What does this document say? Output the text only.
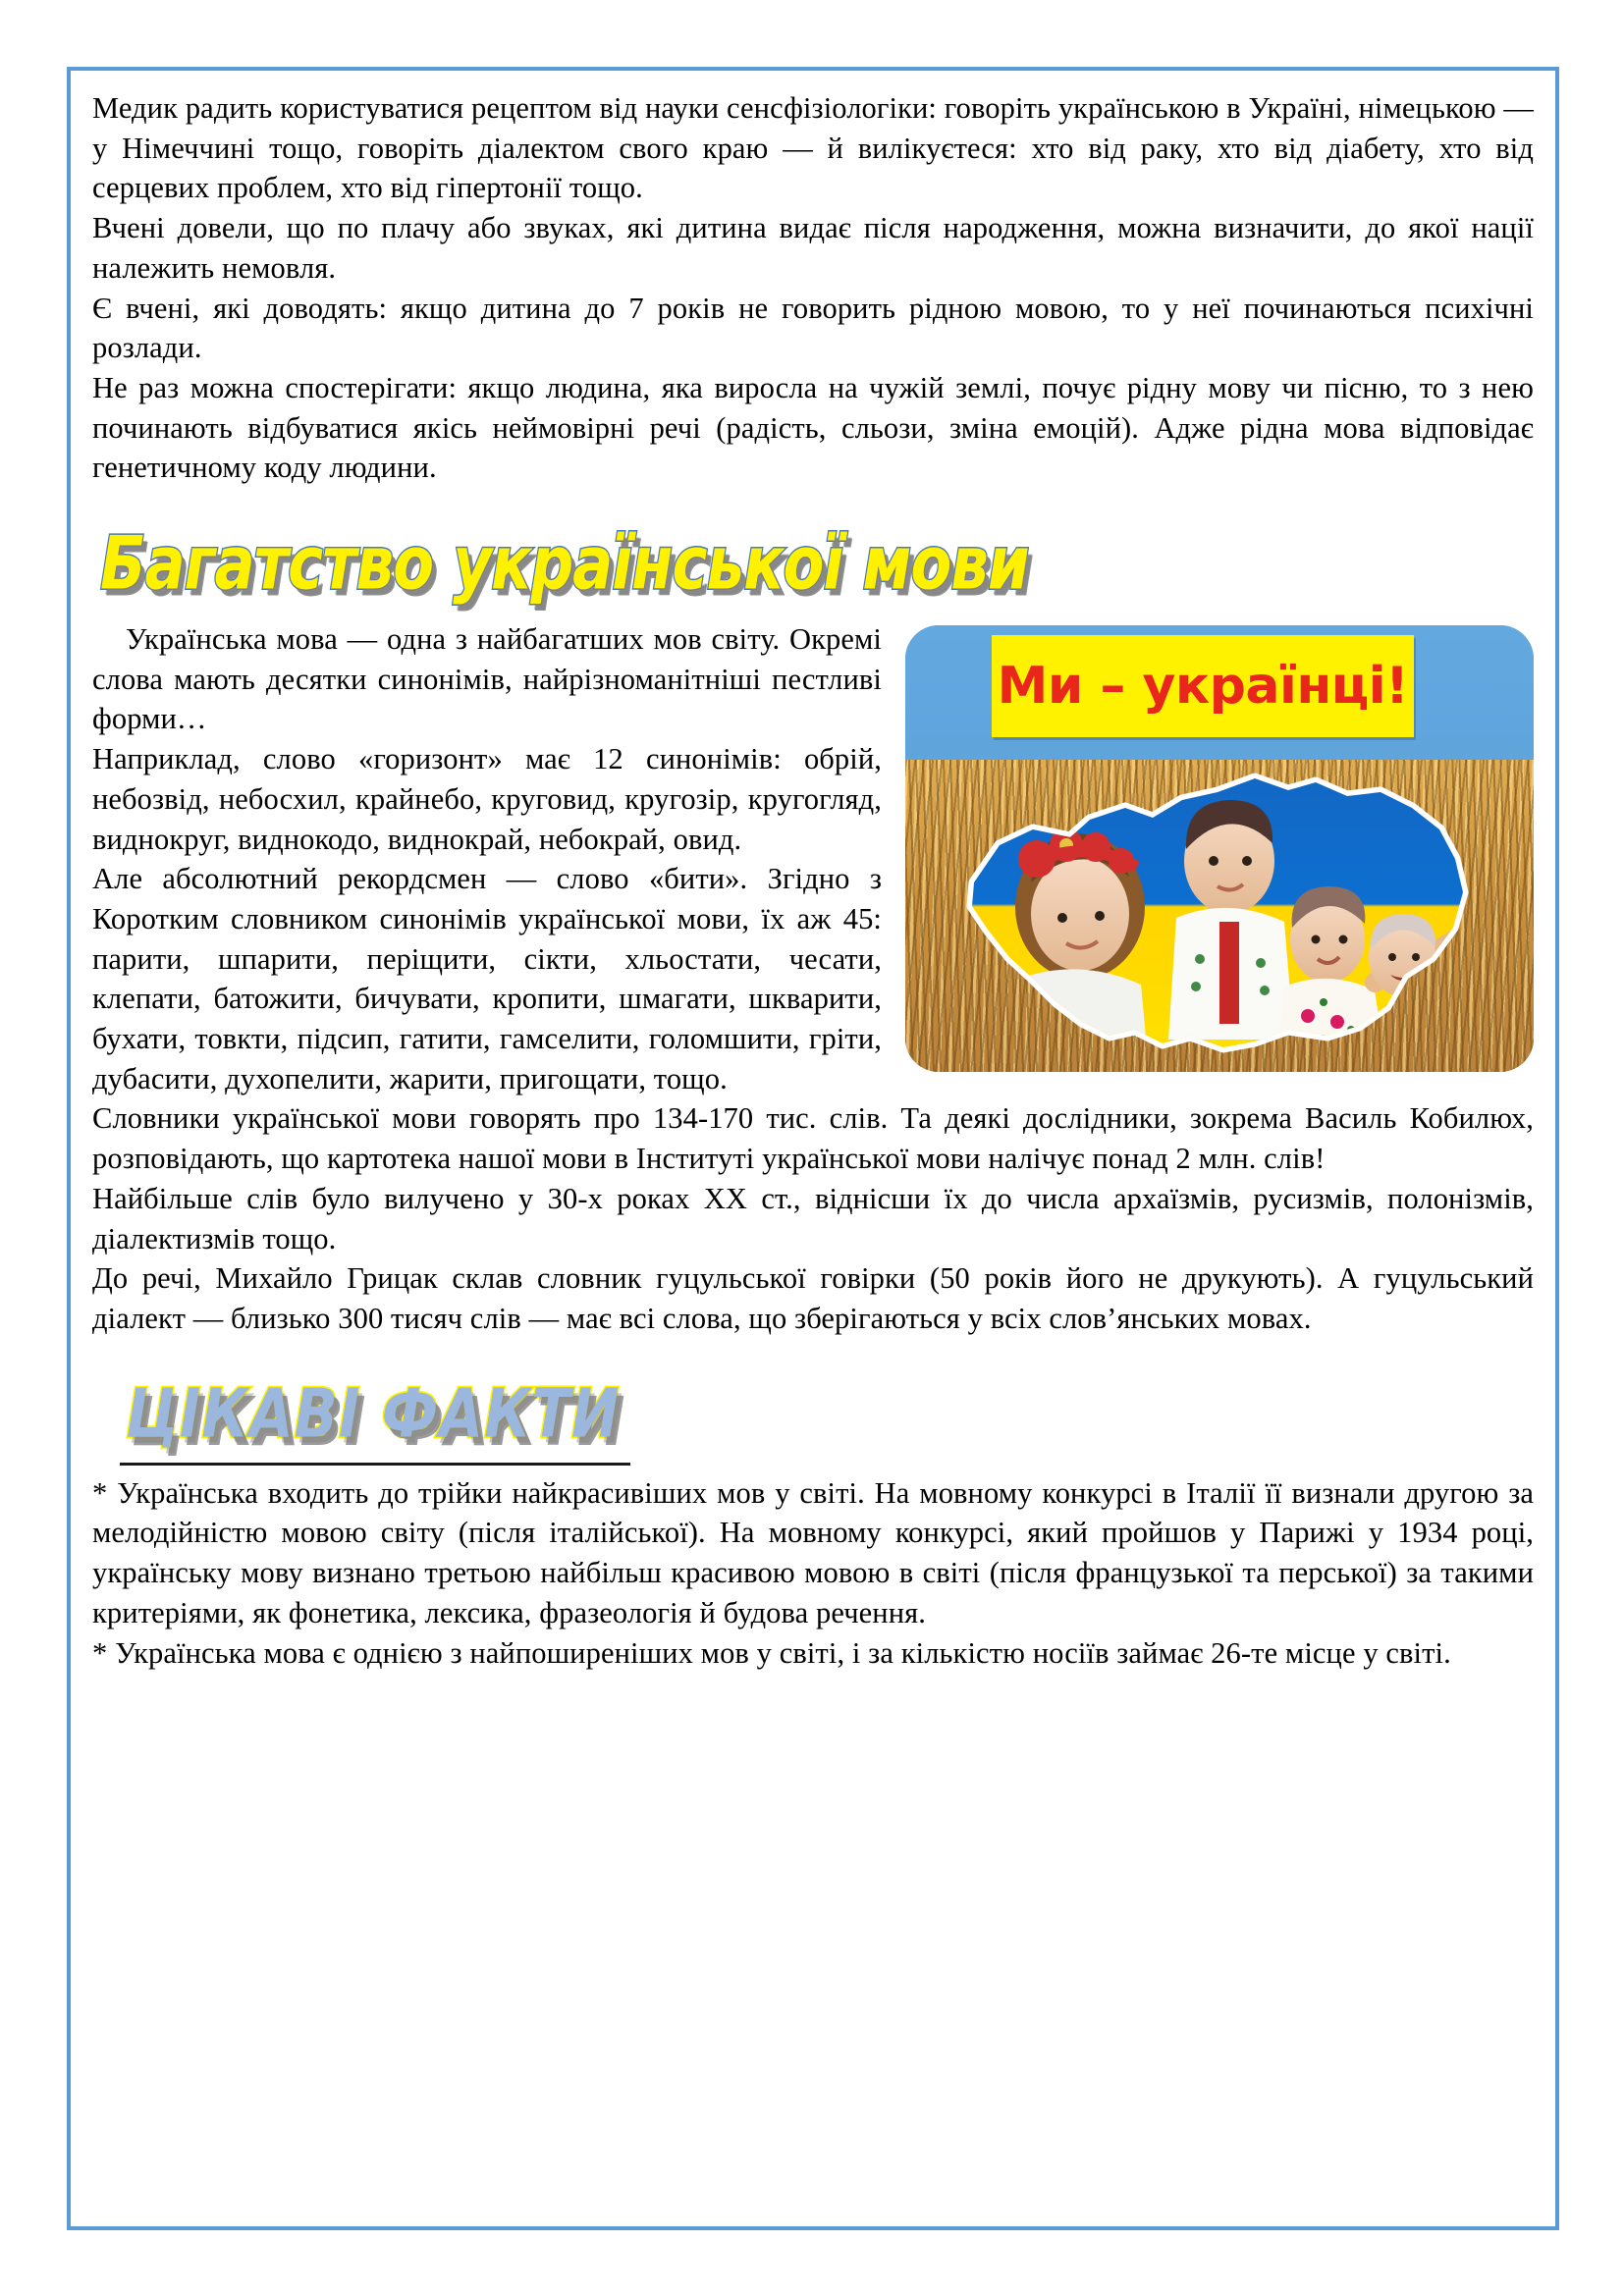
Медик радить користуватися рецептом від науки сенсфізіологіки: говоріть українською в Україні, німецькою — у Німеччині тощо, говоріть діалектом свого краю — й вилікуєтеся: хто від раку, хто від діабету, хто від серцевих проблем, хто від гіпертонії тощо.

Вчені довели, що по плачу або звуках, які дитина видає після народження, можна визначити, до якої нації належить немовля.

Є вчені, які доводять: якщо дитина до 7 років не говорить рідною мовою, то у неї починаються психічні розлади.

Не раз можна спостерігати: якщо людина, яка виросла на чужій землі, почує рідну мову чи пісню, то з нею починають відбуватися якісь неймовірні речі (радість, сльози, зміна емоцій). Адже рідна мова відповідає генетичному коду людини.

Багатство української мови
Ми – українці!

Українська мова — одна з найбагатших мов світу. Окремі слова мають десятки синонімів, найрізноманітніші пестливі форми…

Наприклад, слово «горизонт» має 12 синонімів: обрій, небозвід, небосхил, крайнебо, круговид, кругозір, кругогляд, виднокруг, виднокодо, виднокрай, небокрай, овид.

Але абсолютний рекордсмен — слово «бити». Згідно з Коротким словником синонімів української мови, їх аж 45: парити, шпарити, періщити, сікти, хльостати, чесати, клепати, батожити, бичувати, кропити, шмагати, шкварити, бухати, товкти, підсип, гатити, гамселити, голомшити, гріти, дубасити, духопелити, жарити, пригощати, тощо.

Словники української мови говорять про 134-170 тис. слів. Та деякі дослідники, зокрема Василь Кобилюх, розповідають, що картотека нашої мови в Інституті української мови налічує понад 2 млн. слів!

Найбільше слів було вилучено у 30-х роках ХХ ст., віднісши їх до числа архаїзмів, русизмів, полонізмів, діалектизмів тощо.

До речі, Михайло Грицак склав словник гуцульської говірки (50 років його не друкують). А гуцульський діалект — близько 300 тисяч слів — має всі слова, що зберігаються у всіх слов’янських мовах.

ЦІКАВІ ФАКТИ

* Українська входить до трійки найкрасивіших мов у світі. На мовному конкурсі в Італії її визнали другою за мелодійністю мовою світу (після італійської). На мовному конкурсі, який пройшов у Парижі у 1934 році, українську мову визнано третьою найбільш красивою мовою в світі (після французької та перської) за такими критеріями, як фонетика, лексика, фразеологія й будова речення.

* Українська мова є однією з найпоширеніших мов у світі, і за кількістю носіїв займає 26-те місце у світі.
